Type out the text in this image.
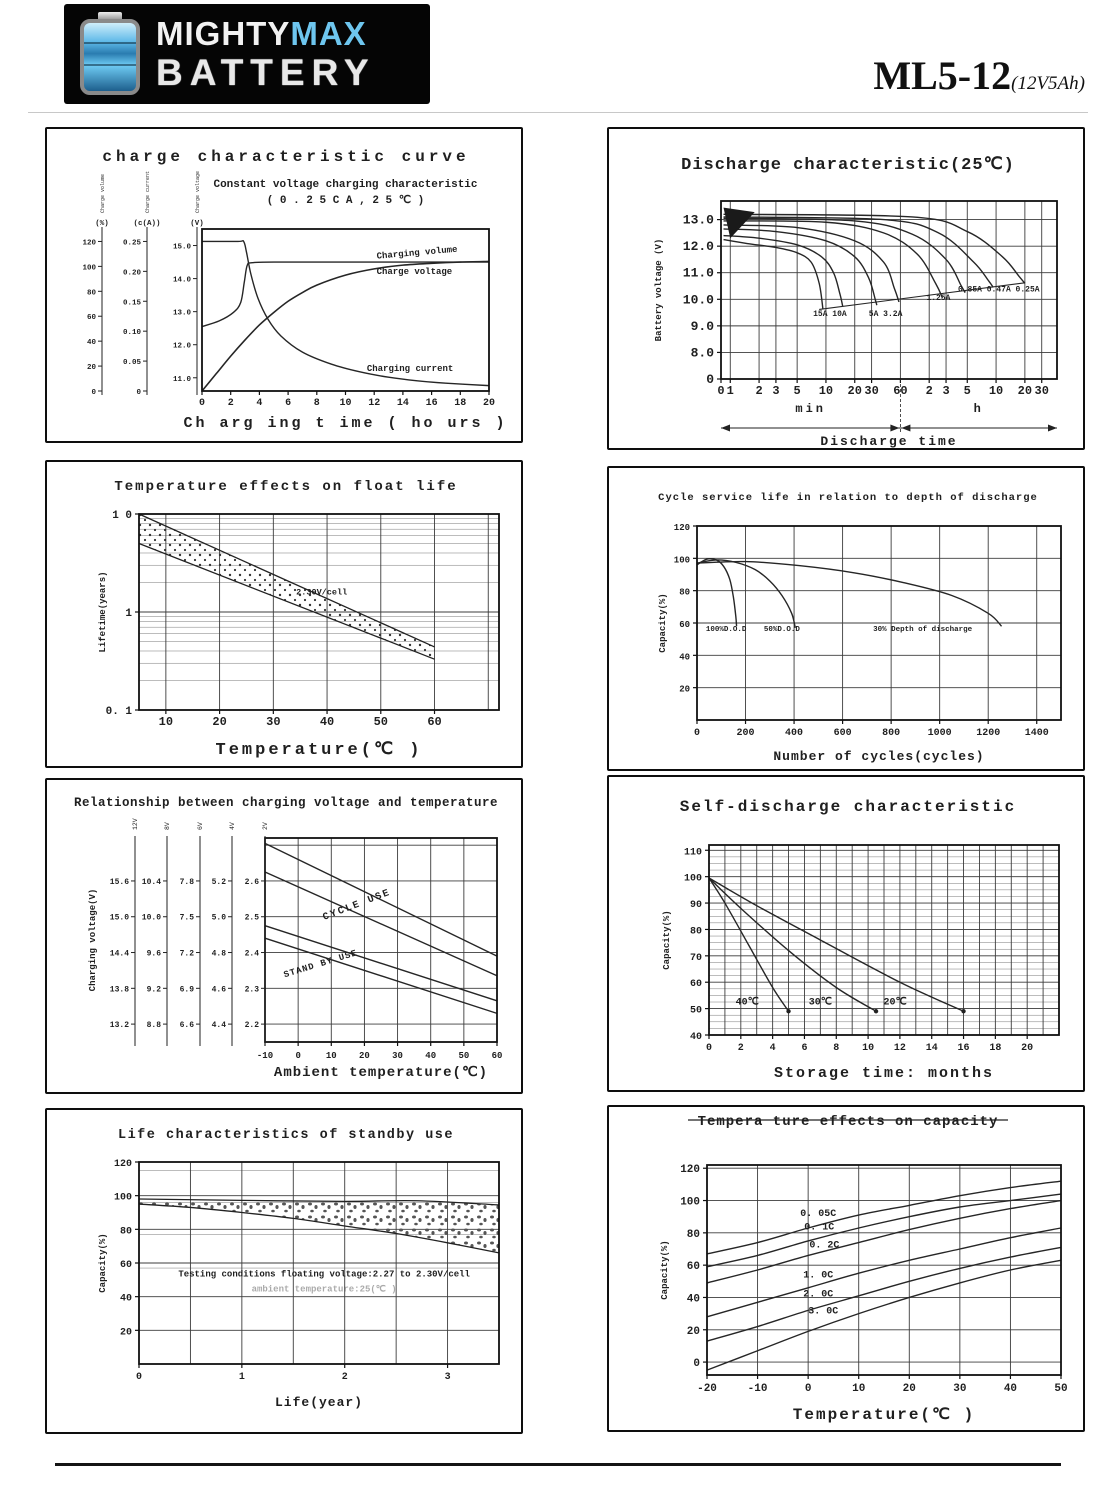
MIGHTYMAX
BATTERY	ML5-12(12V5Ah)
0 2 4 6 8 10 12 14 16 18 20
0
20
40
60
80
100
120
(%)
Charge volume
0
0.05
0.10
0.15
0.20
0.25
(c(A))
Charge current
11.0
12.0
13.0
14.0
15.0
(V)
Charge voltage
charge characteristic curve
Constant voltage charging characteristic
( 0 . 2 5 C A , 2 5 ℃ )
Ch arg ing t ime ( ho urs )
Charging volume
Charge voltage
Charging current
0 1 2 3 5 10 20 30 60 2 3 5 10 20 30
13.0
12.0
11.0
10.0
9.0
8.0
0
Discharge characteristic(25℃)
Battery voltage (V)	15A 10A	5A 3.2A
1.25A
0.85A 0.47A 0.25A
min	h
Discharge time
10	20	30	40	50	60
1 0
1
0. 1
Temperature effects on float life
Temperature(℃ )
Lifetime(years)	2.30V/cell
0	200	400	600	800	1000 1200 1400
20
40
60
80
100
120
Cycle service life in relation to depth of discharge
Number of cycles(cycles)
Capacity(%)	100%D.O.D 50%D.O.D	30% Depth of discharge
-10 0	10 20 30 40 50 60
15.6
15.0
14.4
13.8
13.2
12V
10.4
10.0
9.6
9.2
8.8
8V
7.8
7.5
7.2
6.9
6.6
6V
5.2
5.0
4.8
4.6
4.4
4V
2.6
2.5
2.4
2.3
2.2
2V
Relationship between charging voltage and temperature
Ambient temperature(℃)
Charging voltage(V)	CYCLE USE
STAND BY USE
0	2	4	6	8 10 12 14 16 18 20
110
100
90
80
70
60
50
40
Self-discharge characteristic
Storage time: months
Capacity(%)
40℃	30℃	20℃
0	1	2	3
20
40
60
80
100
120
Life characteristics of standby use
Life(year)
Capacity(%)	Testing conditions floating voltage:2.27 to 2.30V/cell
ambient temperature:25(℃ )
-20	-10	0	10	20	30	40	50
120
100
80
60
40
20
0
Tempera ture effects on capacity
Temperature(℃ )
Capacity(%)
0. 05C
0. 1C
0. 2C
1. 0C
2. 0C
3. 0C
